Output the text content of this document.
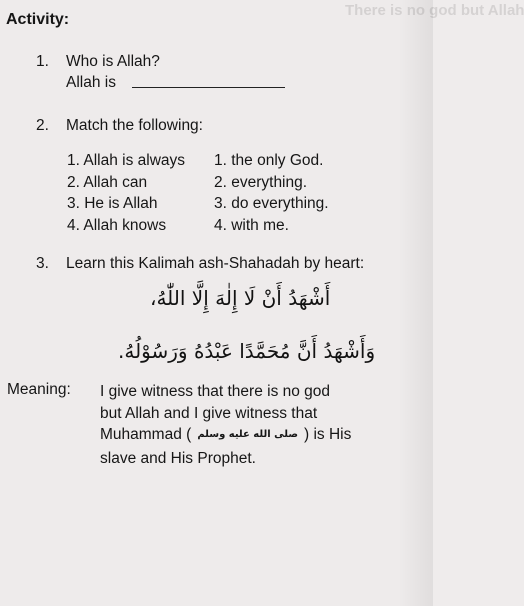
There is no god but Allah
Activity:
1. Who is Allah?
Allah is
2. Match the following:
1. Allah is always
2. Allah can
3. He is Allah
4. Allah knows
1. the only God.
2. everything.
3. do everything.
4. with me.
3. Learn this Kalimah ash-Shahadah by heart:
أَشْهَدُ أَنْ لَا إِلٰهَ إِلَّا اللّٰهُ،
وَأَشْهَدُ أَنَّ مُحَمَّدًا عَبْدُهُ وَرَسُوْلُهُ.
Meaning: I give witness that there is no god
but Allah and I give witness that
Muhammad ( صلى الله عليه وسلم ) is His
slave and His Prophet.
